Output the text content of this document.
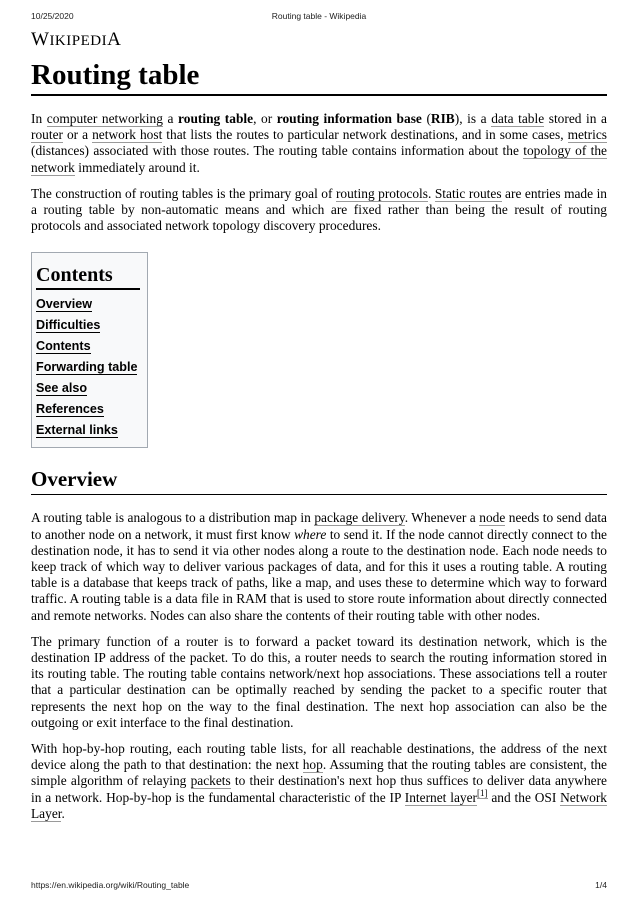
10/25/2020	Routing table - Wikipedia
WIKIPEDIA
Routing table

In computer networking a routing table, or routing information base (RIB), is a data table stored in a router or a network host that lists the routes to particular network destinations, and in some cases, metrics (distances) associated with those routes. The routing table contains information about the topology of the network immediately around it.

The construction of routing tables is the primary goal of routing protocols. Static routes are entries made in a routing table by non-automatic means and which are fixed rather than being the result of routing protocols and associated network topology discovery procedures.

Contents
Overview
Difficulties
Contents
Forwarding table
See also
References
External links
Overview

A routing table is analogous to a distribution map in package delivery. Whenever a node needs to send data to another node on a network, it must first know where to send it. If the node cannot directly connect to the destination node, it has to send it via other nodes along a route to the destination node. Each node needs to keep track of which way to deliver various packages of data, and for this it uses a routing table. A routing table is a database that keeps track of paths, like a map, and uses these to determine which way to forward traffic. A routing table is a data file in RAM that is used to store route information about directly connected and remote networks. Nodes can also share the contents of their routing table with other nodes.

The primary function of a router is to forward a packet toward its destination network, which is the destination IP address of the packet. To do this, a router needs to search the routing information stored in its routing table. The routing table contains network/next hop associations. These associations tell a router that a particular destination can be optimally reached by sending the packet to a specific router that represents the next hop on the way to the final destination. The next hop association can also be the outgoing or exit interface to the final destination.

With hop-by-hop routing, each routing table lists, for all reachable destinations, the address of the next device along the path to that destination: the next hop. Assuming that the routing tables are consistent, the simple algorithm of relaying packets to their destination's next hop thus suffices to deliver data anywhere in a network. Hop-by-hop is the fundamental characteristic of the IP Internet layer[1] and the OSI Network Layer.

https://en.wikipedia.org/wiki/Routing_table	1/4
